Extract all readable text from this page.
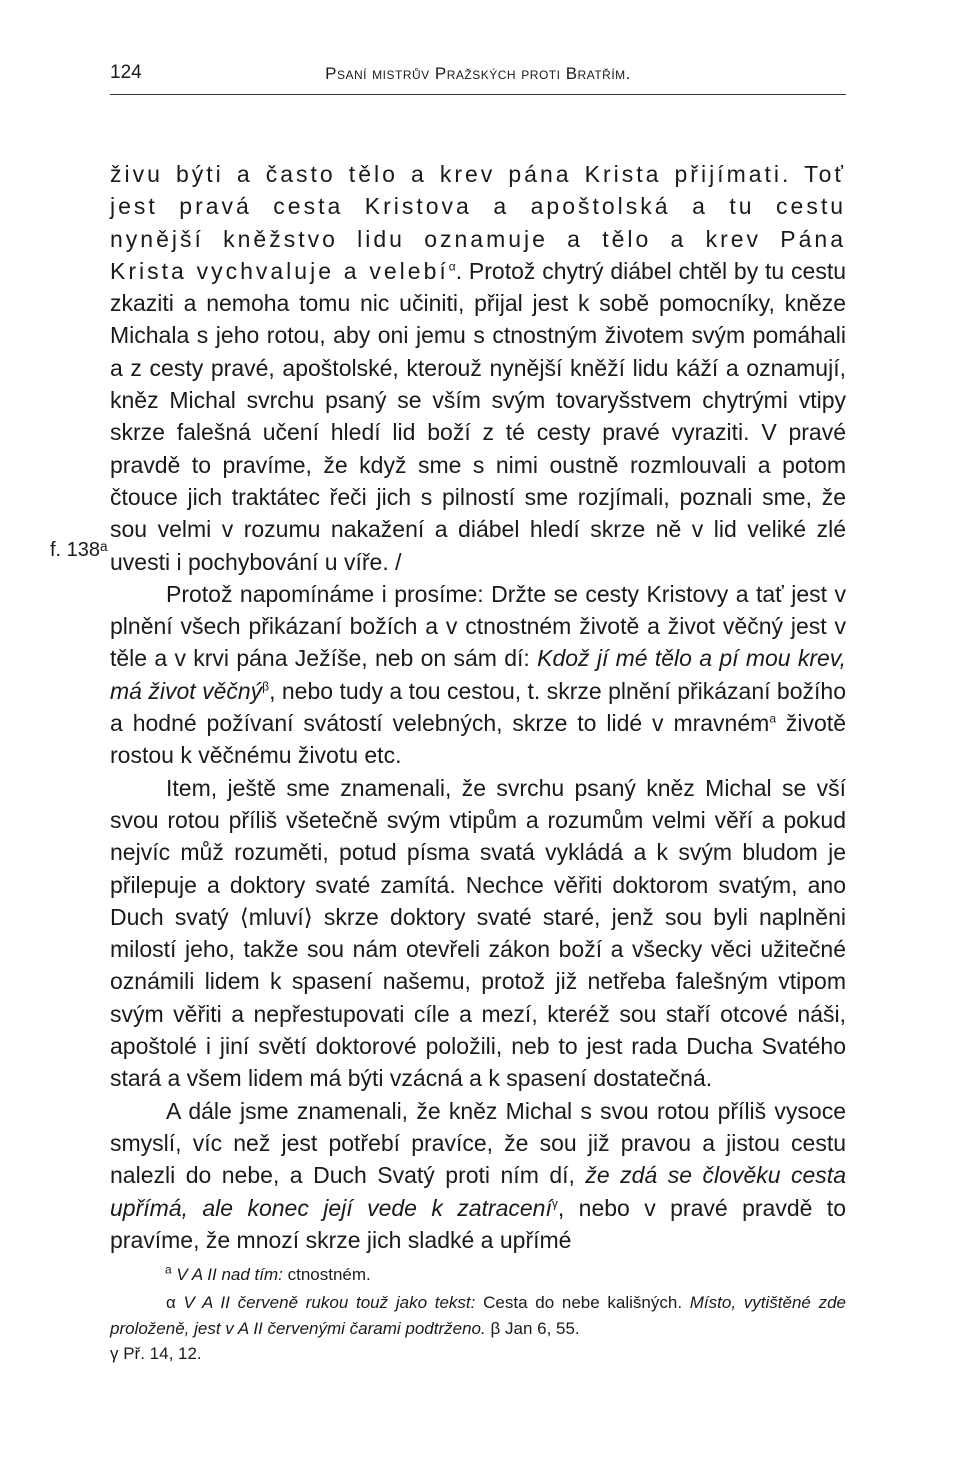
124	Psaní mistrův Pražských proti Bratřím.

živu býti a často tělo a krev pána Krista přijímati. Toť jest pravá cesta Kristova a apoštolská a tu cestu nynější kněžstvo lidu oznamuje a tělo a krev Pána Krista vychvaluje a velebí$^\alpha$. Protož chytrý diábel chtěl by tu cestu zkaziti a nemoha tomu nic učiniti, přijal jest k sobě pomocníky, kněze Michala s jeho rotou, aby oni jemu s ctnostným životem svým pomáhali a z cesty pravé, apoštolské, kterouž nynější kněží lidu káží a oznamují, kněz Michal svrchu psaný se vším svým tovaryšstvem chytrými vtipy skrze falešná učení hledí lid boží z té cesty pravé vyraziti. V pravé pravdě to pravíme, že když sme s nimi oustně rozmlouvali a potom čtouce jich traktátec řeči jich s pilností sme rozjímali, poznali sme, že sou velmi v rozumu nakažení a diábel hledí skrze ně v lid veliké zlé uvesti i pochybování u víře. /

Protož napomínáme i prosíme: Držte se cesty Kristovy a tať jest v plnění všech přikázaní božích a v ctnostném životě a život věčný jest v těle a v krvi pána Ježíše, neb on sám dí: Kdož jí mé tělo a pí mou krev, má život věčný$^\beta$, nebo tudy a tou cestou, t. skrze plnění přikázaní božího a hodné požívaní svátostí velebných, skrze to lidé v mravném$^a$ životě rostou k věčnému životu etc.

Item, ještě sme znamenali, že svrchu psaný kněz Michal se vší svou rotou příliš všetečně svým vtipům a rozumům velmi věří a pokud nejvíc můž rozuměti, potud písma svatá vykládá a k svým bludom je přilepuje a doktory svaté zamítá. Nechce věřiti doktorom svatým, ano Duch svatý ⟨mluví⟩ skrze doktory svaté staré, jenž sou byli naplněni milostí jeho, takže sou nám otevřeli zákon boží a všecky věci užitečné oznámili lidem k spasení našemu, protož již netřeba falešným vtipom svým věřiti a nepřestupovati cíle a mezí, kteréž sou staří otcové náši, apoštolé i jiní světí doktorové položili, neb to jest rada Ducha Svatého stará a všem lidem má býti vzácná a k spasení dostatečná.

A dále jsme znamenali, že kněz Michal s svou rotou příliš vysoce smyslí, víc než jest potřebí pravíce, že sou již pravou a jistou cestu nalezli do nebe, a Duch Svatý proti ním dí, že zdá se člověku cesta upřímá, ale konec její vede k zatracení$^\gamma$, nebo v pravé pravdě to pravíme, že mnozí skrze jich sladké a upřímé

f. 138ᵃ

$^a$ V A II nad tím: ctnostném.

α V A II červeně rukou touž jako tekst: Cesta do nebe kališných. Místo, vytištěné zde proloženě, jest v A II červenými čarami podtrženo. β Jan 6, 55.
γ Př. 14, 12.
